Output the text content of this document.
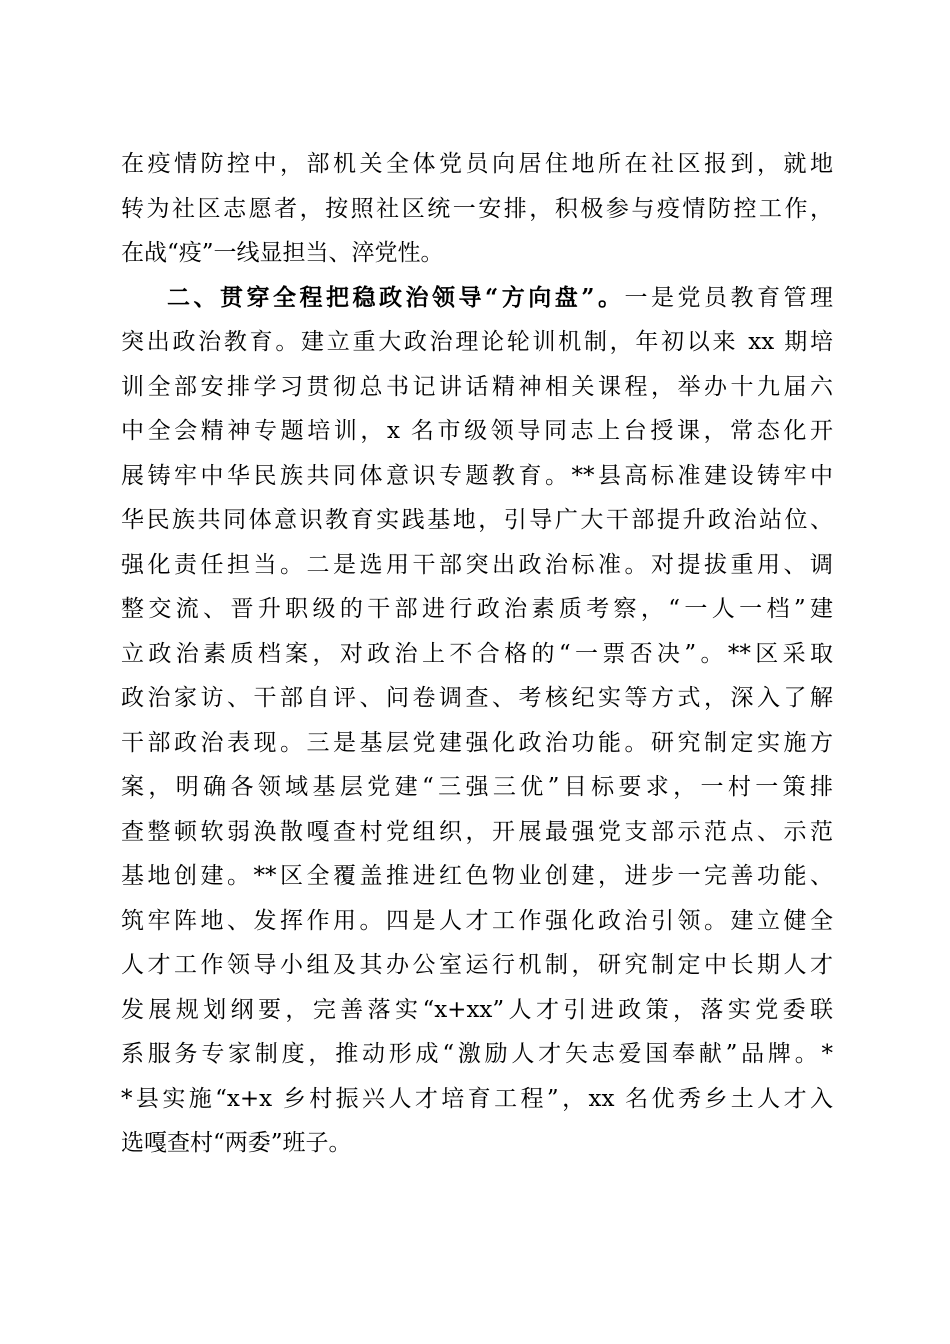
在疫情防控中，部机关全体党员向居住地所在社区报到，就地
转为社区志愿者，按照社区统一安排，积极参与疫情防控工作，
在战“疫”一线显担当、淬党性。
二、贯穿全程把稳政治领导“方向盘”。一是党员教育管理
突出政治教育。建立重大政治理论轮训机制，年初以来 xx 期培
训全部安排学习贯彻总书记讲话精神相关课程，举办十九届六
中全会精神专题培训，x 名市级领导同志上台授课，常态化开
展铸牢中华民族共同体意识专题教育。**县高标准建设铸牢中
华民族共同体意识教育实践基地，引导广大干部提升政治站位、
强化责任担当。二是选用干部突出政治标准。对提拔重用、调
整交流、晋升职级的干部进行政治素质考察，“一人一档”建
立政治素质档案，对政治上不合格的“一票否决”。**区采取
政治家访、干部自评、问卷调查、考核纪实等方式，深入了解
干部政治表现。三是基层党建强化政治功能。研究制定实施方
案，明确各领域基层党建“三强三优”目标要求，一村一策排
查整顿软弱涣散嘎查村党组织，开展最强党支部示范点、示范
基地创建。**区全覆盖推进红色物业创建，进步一完善功能、
筑牢阵地、发挥作用。四是人才工作强化政治引领。建立健全
人才工作领导小组及其办公室运行机制，研究制定中长期人才
发展规划纲要，完善落实“x+xx”人才引进政策，落实党委联
系服务专家制度，推动形成“激励人才矢志爱国奉献”品牌。*
*县实施“x+x 乡村振兴人才培育工程”，xx 名优秀乡土人才入
选嘎查村“两委”班子。
